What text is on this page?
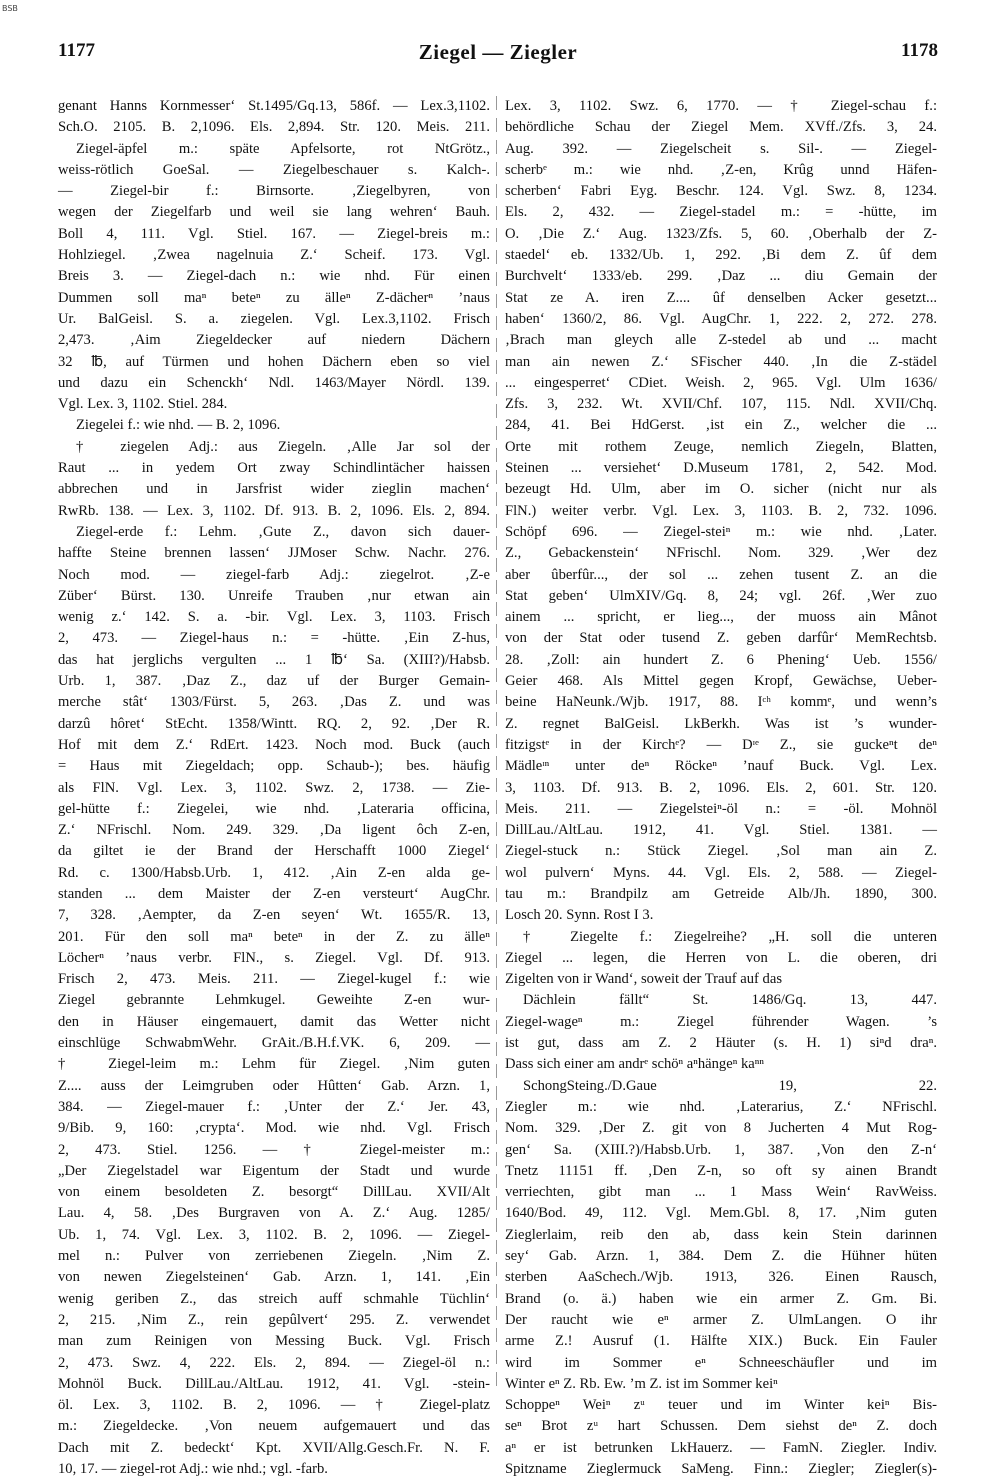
BSB
1177	Ziegel — Ziegler	1178
genant Hanns Kornmesser‘ St.1495/Gq.13, 586f. — Lex.3,1102.
Sch.O. 2105. B. 2,1096. Els. 2,894. Str. 120. Meis. 211.
Ziegel-äpfel m.: späte Apfelsorte, rot NtGrötz.,
weiss-rötlich GoeSal. — Ziegelbeschauer s. Kalch-.
— Ziegel-bir f.: Birnsorte. ‚Ziegelbyren, von
wegen der Ziegelfarb und weil sie lang wehren‘ Bauh.
Boll 4, 111. Vgl. Stiel. 167. — Ziegel-breis m.:
Hohlziegel. ‚Zwea nagelnuia Z.‘ Scheif. 173. Vgl.
Breis 3. — Ziegel-dach n.: wie nhd. Für einen
Dummen soll maⁿ beteⁿ zu älleⁿ Z-dächerⁿ ’naus
Ur. BalGeisl. S. a. ziegelen. Vgl. Lex.3,1102. Frisch
2,473. ‚Aim Ziegeldecker auf niedern Dächern
32 ℔, auf Türmen und hohen Dächern eben so viel
und dazu ein Schenckh‘ Ndl. 1463/Mayer Nördl. 139.
Vgl. Lex. 3, 1102. Stiel. 284.
Ziegelei f.: wie nhd. — B. 2, 1096.
† ziegelen Adj.: aus Ziegeln. ‚Alle Jar sol der
Raut ... in yedem Ort zway Schindlintächer haissen
abbrechen und in Jarsfrist wider zieglin machen‘
RwRb. 138. — Lex. 3, 1102. Df. 913. B. 2, 1096. Els. 2, 894.
Ziegel-erde f.: Lehm. ‚Gute Z., davon sich dauer-
haffte Steine brennen lassen‘ JJMoser Schw. Nachr. 276.
Noch mod. — ziegel-farb Adj.: ziegelrot. ‚Z-e
Züber‘ Bürst. 130. Unreife Trauben ‚nur etwan ain
wenig z.‘ 142. S. a. -bir. Vgl. Lex. 3, 1103. Frisch
2, 473. — Ziegel-haus n.: = -hütte. ‚Ein Z-hus,
das hat jerglichs vergulten ... 1 ℔‘ Sa. (XIII?)/Habsb.
Urb. 1, 387. ‚Daz Z., daz uf der Burger Gemain-
merche stât‘ 1303/Fürst. 5, 263. ‚Das Z. und was
darzû hôret‘ StEcht. 1358/Wintt. RQ. 2, 92. ‚Der R.
Hof mit dem Z.‘ RdErt. 1423. Noch mod. Buck (auch
= Haus mit Ziegeldach; opp. Schaub-); bes. häufig
als FlN. Vgl. Lex. 3, 1102. Swz. 2, 1738. — Zie-
gel-hütte f.: Ziegelei, wie nhd. ‚Lateraria officina,
Z.‘ NFrischl. Nom. 249. 329. ‚Da ligent ôch Z-en,
da giltet ie der Brand der Herschafft 1000 Ziegel‘
Rd. c. 1300/Habsb.Urb. 1, 412. ‚Ain Z-en alda ge-
standen ... dem Maister der Z-en versteurt‘ AugChr.
7, 328. ‚Aempter, da Z-en seyen‘ Wt. 1655/R. 13,
201. Für den soll maⁿ beteⁿ in der Z. zu älleⁿ
Löcherⁿ ’naus verbr. FlN., s. Ziegel. Vgl. Df. 913.
Frisch 2, 473. Meis. 211. — Ziegel-kugel f.: wie
Ziegel gebrannte Lehmkugel. Geweihte Z-en wur-
den in Häuser eingemauert, damit das Wetter nicht
einschlüge SchwabmWehr. GrAit./B.H.f.VK. 6, 209. —
† Ziegel-leim m.: Lehm für Ziegel. ‚Nim guten
Z.... auss der Leimgruben oder Hûtten‘ Gab. Arzn. 1,
384. — Ziegel-mauer f.: ‚Unter der Z.‘ Jer. 43,
9/Bib. 9, 160: ‚crypta‘. Mod. wie nhd. Vgl. Frisch
2, 473. Stiel. 1256. — † Ziegel-meister m.:
„Der Ziegelstadel war Eigentum der Stadt und wurde
von einem besoldeten Z. besorgt“ DillLau. XVII/Alt
Lau. 4, 58. ‚Des Burgraven von A. Z.‘ Aug. 1285/
Ub. 1, 74. Vgl. Lex. 3, 1102. B. 2, 1096. — Ziegel-
mel n.: Pulver von zerriebenen Ziegeln. ‚Nim Z.
von newen Ziegelsteinen‘ Gab. Arzn. 1, 141. ‚Ein
wenig geriben Z., das streich auff schmahle Tüchlin‘
2, 215. ‚Nim Z., rein gepûlvert‘ 295. Z. verwendet
man zum Reinigen von Messing Buck. Vgl. Frisch
2, 473. Swz. 4, 222. Els. 2, 894. — Ziegel-öl n.:
Mohnöl Buck. DillLau./AltLau. 1912, 41. Vgl. -stein-
öl. Lex. 3, 1102. B. 2, 1096. — † Ziegel-platz
m.: Ziegeldecke. ‚Von neuem aufgemauert und das
Dach mit Z. bedeckt‘ Kpt. XVII/Allg.Gesch.Fr. N. F.
10, 17. — ziegel-rot Adj.: wie nhd.; vgl. -farb.
Lex. 3, 1102. Swz. 6, 1770. — † Ziegel-schau f.:
behördliche Schau der Ziegel Mem. XVff./Zfs. 3, 24.
Aug. 392. — Ziegelscheit s. Sil-. — Ziegel-
scherbᵉ m.: wie nhd. ‚Z-en, Krûg unnd Häfen-
scherben‘ Fabri Eyg. Beschr. 124. Vgl. Swz. 8, 1234.
Els. 2, 432. — Ziegel-stadel m.: = -hütte, im
O. ‚Die Z.‘ Aug. 1323/Zfs. 5, 60. ‚Oberhalb der Z-
staedel‘ eb. 1332/Ub. 1, 292. ‚Bi dem Z. ûf dem
Burchvelt‘ 1333/eb. 299. ‚Daz ... diu Gemain der
Stat ze A. iren Z.... ûf denselben Acker gesetzt...
haben‘ 1360/2, 86. Vgl. AugChr. 1, 222. 2, 272. 278.
‚Brach man gleych alle Z-stedel ab und ... macht
man ain newen Z.‘ SFischer 440. ‚In die Z-städel
... eingesperret‘ CDiet. Weish. 2, 965. Vgl. Ulm 1636/
Zfs. 3, 232. Wt. XVII/Chf. 107, 115. Ndl. XVII/Chq.
284, 41. Bei HdGerst. ‚ist ein Z., welcher die ...
Orte mit rothem Zeuge, nemlich Ziegeln, Blatten,
Steinen ... versiehet‘ D.Museum 1781, 2, 542. Mod.
bezeugt Hd. Ulm, aber im O. sicher (nicht nur als
FlN.) weiter verbr. Vgl. Lex. 3, 1103. B. 2, 732. 1096.
Schöpf 696. — Ziegel-steiⁿ m.: wie nhd. ‚Later.
Z., Gebackenstein‘ NFrischl. Nom. 329. ‚Wer dez
aber ûberfûr..., der sol ... zehen tusent Z. an die
Stat geben‘ UlmXIV/Gq. 8, 24; vgl. 26f. ‚Wer zuo
ainem ... spricht, er lieg..., der muoss ain Mânot
von der Stat oder tusend Z. geben darfûr‘ MemRechtsb.
28. ‚Zoll: ain hundert Z. 6 Phening‘ Ueb. 1556/
Geier 468. Als Mittel gegen Kropf, Gewächse, Ueber-
beine HaNeunk./Wjb. 1917, 88. Iᶜʰ kommᵉ, und wenn’s
Z. regnet BalGeisl. LkBerkh. Was ist ’s wunder-
fitzigstᵉ in der Kirchᵉ? — Dᶦᵉ Z., sie guckeⁿt deⁿ
Mädleᶦⁿ unter deⁿ Röckeⁿ ’nauf Buck. Vgl. Lex.
3, 1103. Df. 913. B. 2, 1096. Els. 2, 601. Str. 120.
Meis. 211. — Ziegelsteiⁿ-öl n.: = -öl. Mohnöl
DillLau./AltLau. 1912, 41. Vgl. Stiel. 1381. —
Ziegel-stuck n.: Stück Ziegel. ‚Sol man ain Z.
wol pulvern‘ Myns. 44. Vgl. Els. 2, 588. — Ziegel-
tau m.: Brandpilz am Getreide Alb/Jh. 1890, 300.
Losch 20. Synn. Rost I 3.
† Ziegelte f.: Ziegelreihe? „H. soll die unteren
Ziegel ... legen, die Herren von L. die oberen, dri
Zigelten von ir Wand‘, soweit der Trauf auf das
Dächlein fällt“ St. 1486/Gq. 13, 447.
Ziegel-wageⁿ m.: Ziegel führender Wagen. ’s
ist gut, dass am Z. 2 Häuter (s. H. 1) siⁿd draⁿ.
Dass sich einer am andrᵉ schöⁿ aⁿhängeⁿ kaⁿⁿ
SchongSteing./D.Gaue 19, 22.
Ziegler m.: wie nhd. ‚Laterarius, Z.‘ NFrischl.
Nom. 329. ‚Der Z. git von 8 Jucherten 4 Mut Rog-
gen‘ Sa. (XIII.?)/Habsb.Urb. 1, 387. ‚Von den Z-n‘
Tnetz 11151 ff. ‚Den Z-n, so oft sy ainen Brandt
verriechten, gibt man ... 1 Mass Wein‘ RavWeiss.
1640/Bod. 49, 112. Vgl. Mem.Gbl. 8, 17. ‚Nim guten
Zieglerlaim, reib den ab, dass kein Stein darinnen
sey‘ Gab. Arzn. 1, 384. Dem Z. die Hühner hüten
sterben AaSchech./Wjb. 1913, 326. Einen Rausch,
Brand (o. ä.) haben wie ein armer Z. Gm. Bi.
Der raucht wie eⁿ armer Z. UlmLangen. O ihr
arme Z.! Ausruf (1. Hälfte XIX.) Buck. Ein Fauler
wird im Sommer eⁿ Schneeschäufler und im
Winter eⁿ Z. Rb. Ew. ’m Z. ist im Sommer keiⁿ
Schoppeⁿ Weiⁿ zᵘ teuer und im Winter keiⁿ Bis-
seⁿ Brot zᵘ hart Schussen. Dem siehst deⁿ Z. doch
aⁿ er ist betrunken LkHauerz. — FamN. Ziegler. Indiv.
Spitzname Zieglermuck SaMeng. Finn.: Ziegler; Ziegler(s)-
